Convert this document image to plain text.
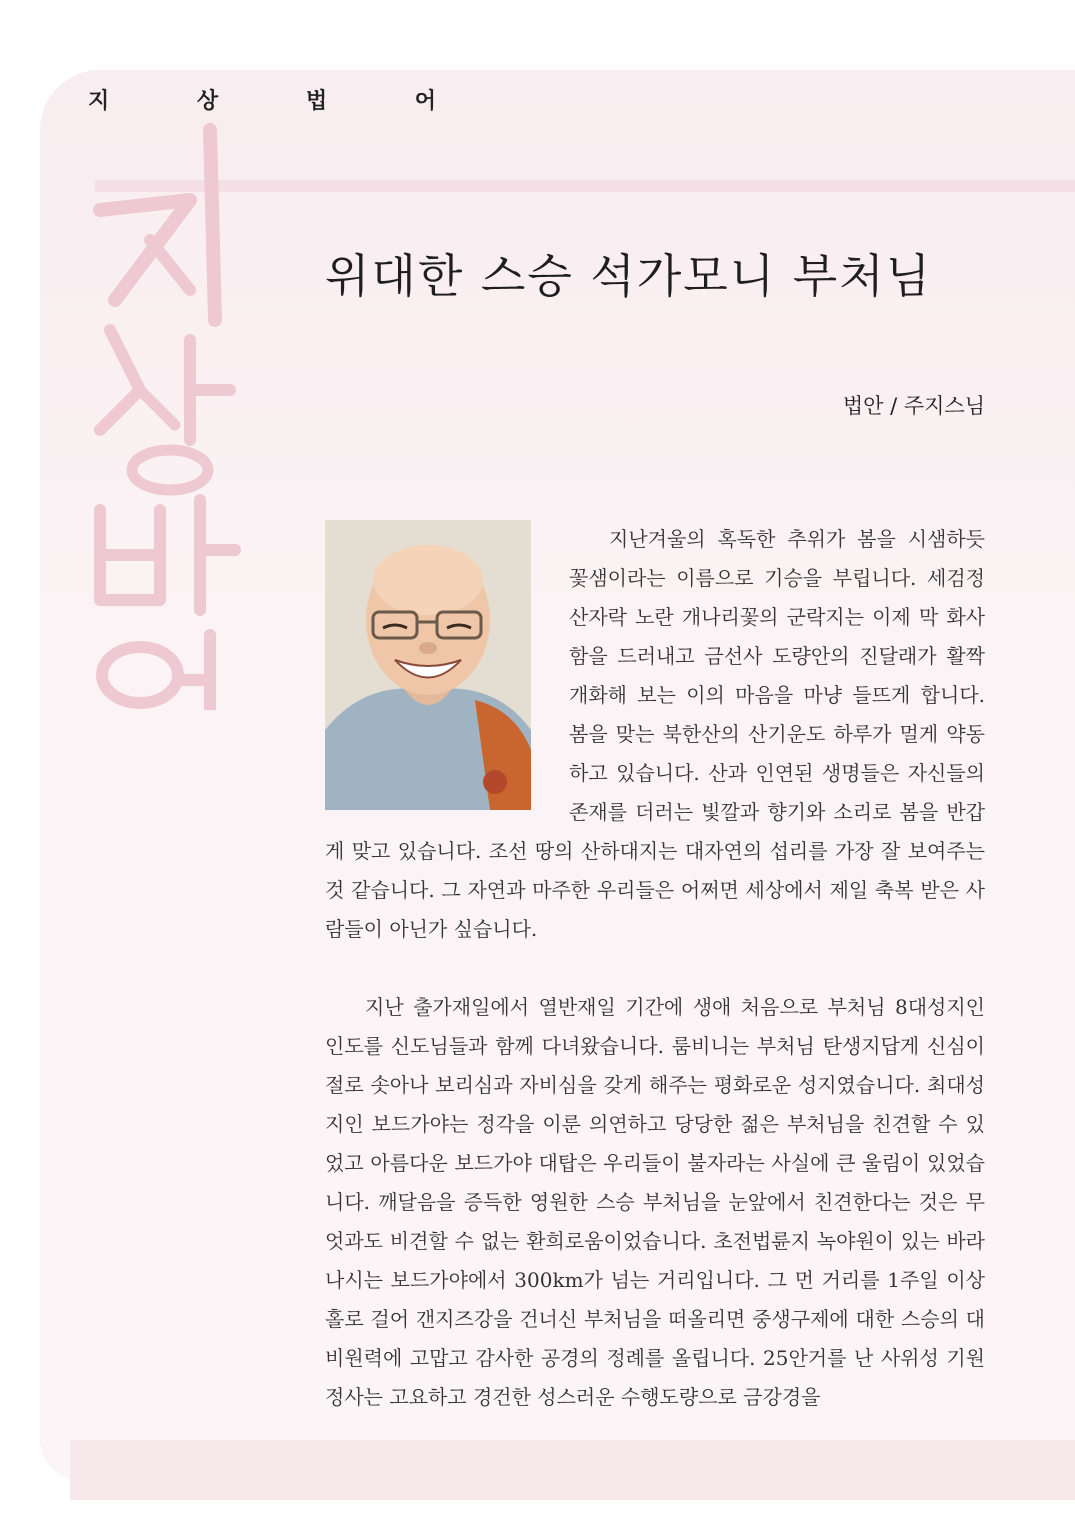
지 상 법 어
위대한 스승 석가모니 부처님
법안 / 주지스님

지난겨울의 혹독한 추위가 봄을 시샘하듯 꽃샘이라는 이름으로 기승을 부립니다. 세검정 산자락 노란 개나리꽃의 군락지는 이제 막 화사함을 드러내고 금선사 도량안의 진달래가 활짝 개화해 보는 이의 마음을 마냥 들뜨게 합니다. 봄을 맞는 북한산의 산기운도 하루가 멀게 약동하고 있습니다. 산과 인연된 생명들은 자신들의 존재를 더러는 빛깔과 향기와 소리로 봄을 반갑게 맞고 있습니다. 조선 땅의 산하대지는 대자연의 섭리를 가장 잘 보여주는 것 같습니다. 그 자연과 마주한 우리들은 어쩌면 세상에서 제일 축복 받은 사람들이 아닌가 싶습니다.

지난 출가재일에서 열반재일 기간에 생애 처음으로 부처님 8대성지인 인도를 신도님들과 함께 다녀왔습니다. 룸비니는 부처님 탄생지답게 신심이 절로 솟아나 보리심과 자비심을 갖게 해주는 평화로운 성지였습니다. 최대성지인 보드가야는 정각을 이룬 의연하고 당당한 젊은 부처님을 친견할 수 있었고 아름다운 보드가야 대탑은 우리들이 불자라는 사실에 큰 울림이 있었습니다. 깨달음을 증득한 영원한 스승 부처님을 눈앞에서 친견한다는 것은 무엇과도 비견할 수 없는 환희로움이었습니다. 초전법륜지 녹야원이 있는 바라나시는 보드가야에서 300km가 넘는 거리입니다. 그 먼 거리를 1주일 이상 홀로 걸어 갠지즈강을 건너신 부처님을 떠올리면 중생구제에 대한 스승의 대비원력에 고맙고 감사한 공경의 정례를 올립니다. 25안거를 난 사위성 기원정사는 고요하고 경건한 성스러운 수행도량으로 금강경을
